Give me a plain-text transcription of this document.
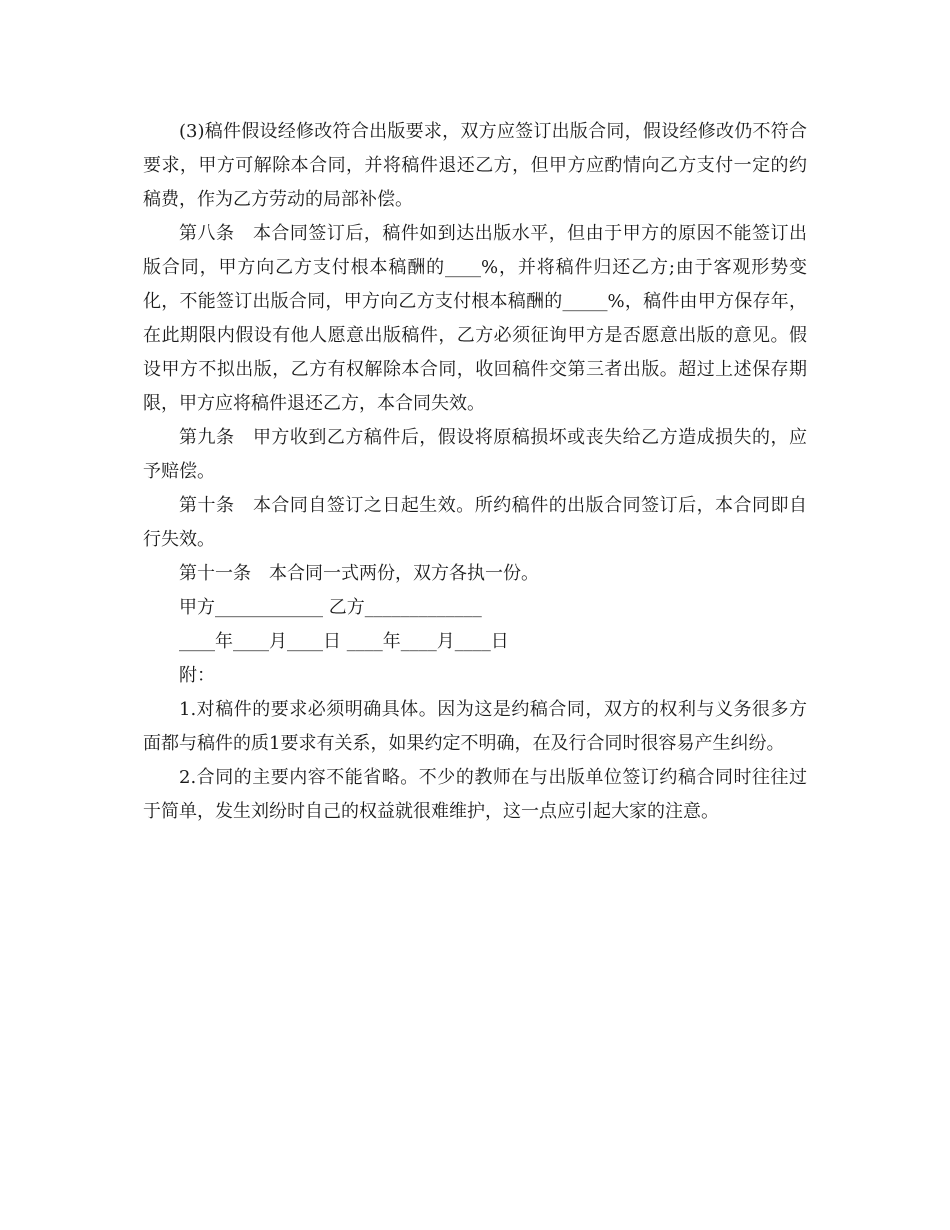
(3)稿件假设经修改符合出版要求，双方应签订出版合同，假设经修改仍不符合要求，甲方可解除本合同，并将稿件退还乙方，但甲方应酌情向乙方支付一定的约稿费，作为乙方劳动的局部补偿。

第八条　本合同签订后，稿件如到达出版水平，但由于甲方的原因不能签订出版合同，甲方向乙方支付根本稿酬的____%，并将稿件归还乙方;由于客观形势变化，不能签订出版合同，甲方向乙方支付根本稿酬的_____%，稿件由甲方保存年，在此期限内假设有他人愿意出版稿件，乙方必须征询甲方是否愿意出版的意见。假设甲方不拟出版，乙方有权解除本合同，收回稿件交第三者出版。超过上述保存期限，甲方应将稿件退还乙方，本合同失效。

第九条　甲方收到乙方稿件后，假设将原稿损坏或丧失给乙方造成损失的，应予赔偿。

第十条　本合同自签订之日起生效。所约稿件的出版合同签订后，本合同即自行失效。

第十一条　本合同一式两份，双方各执一份。

甲方____________ 乙方_____________

____年____月____日 ____年____月____日

附：

1.对稿件的要求必须明确具体。因为这是约稿合同，双方的权利与义务很多方面都与稿件的质1要求有关系，如果约定不明确，在及行合同时很容易产生纠纷。

2.合同的主要内容不能省略。不少的教师在与出版单位签订约稿合同时往往过于简单，发生刘纷时自己的权益就很难维护，这一点应引起大家的注意。
